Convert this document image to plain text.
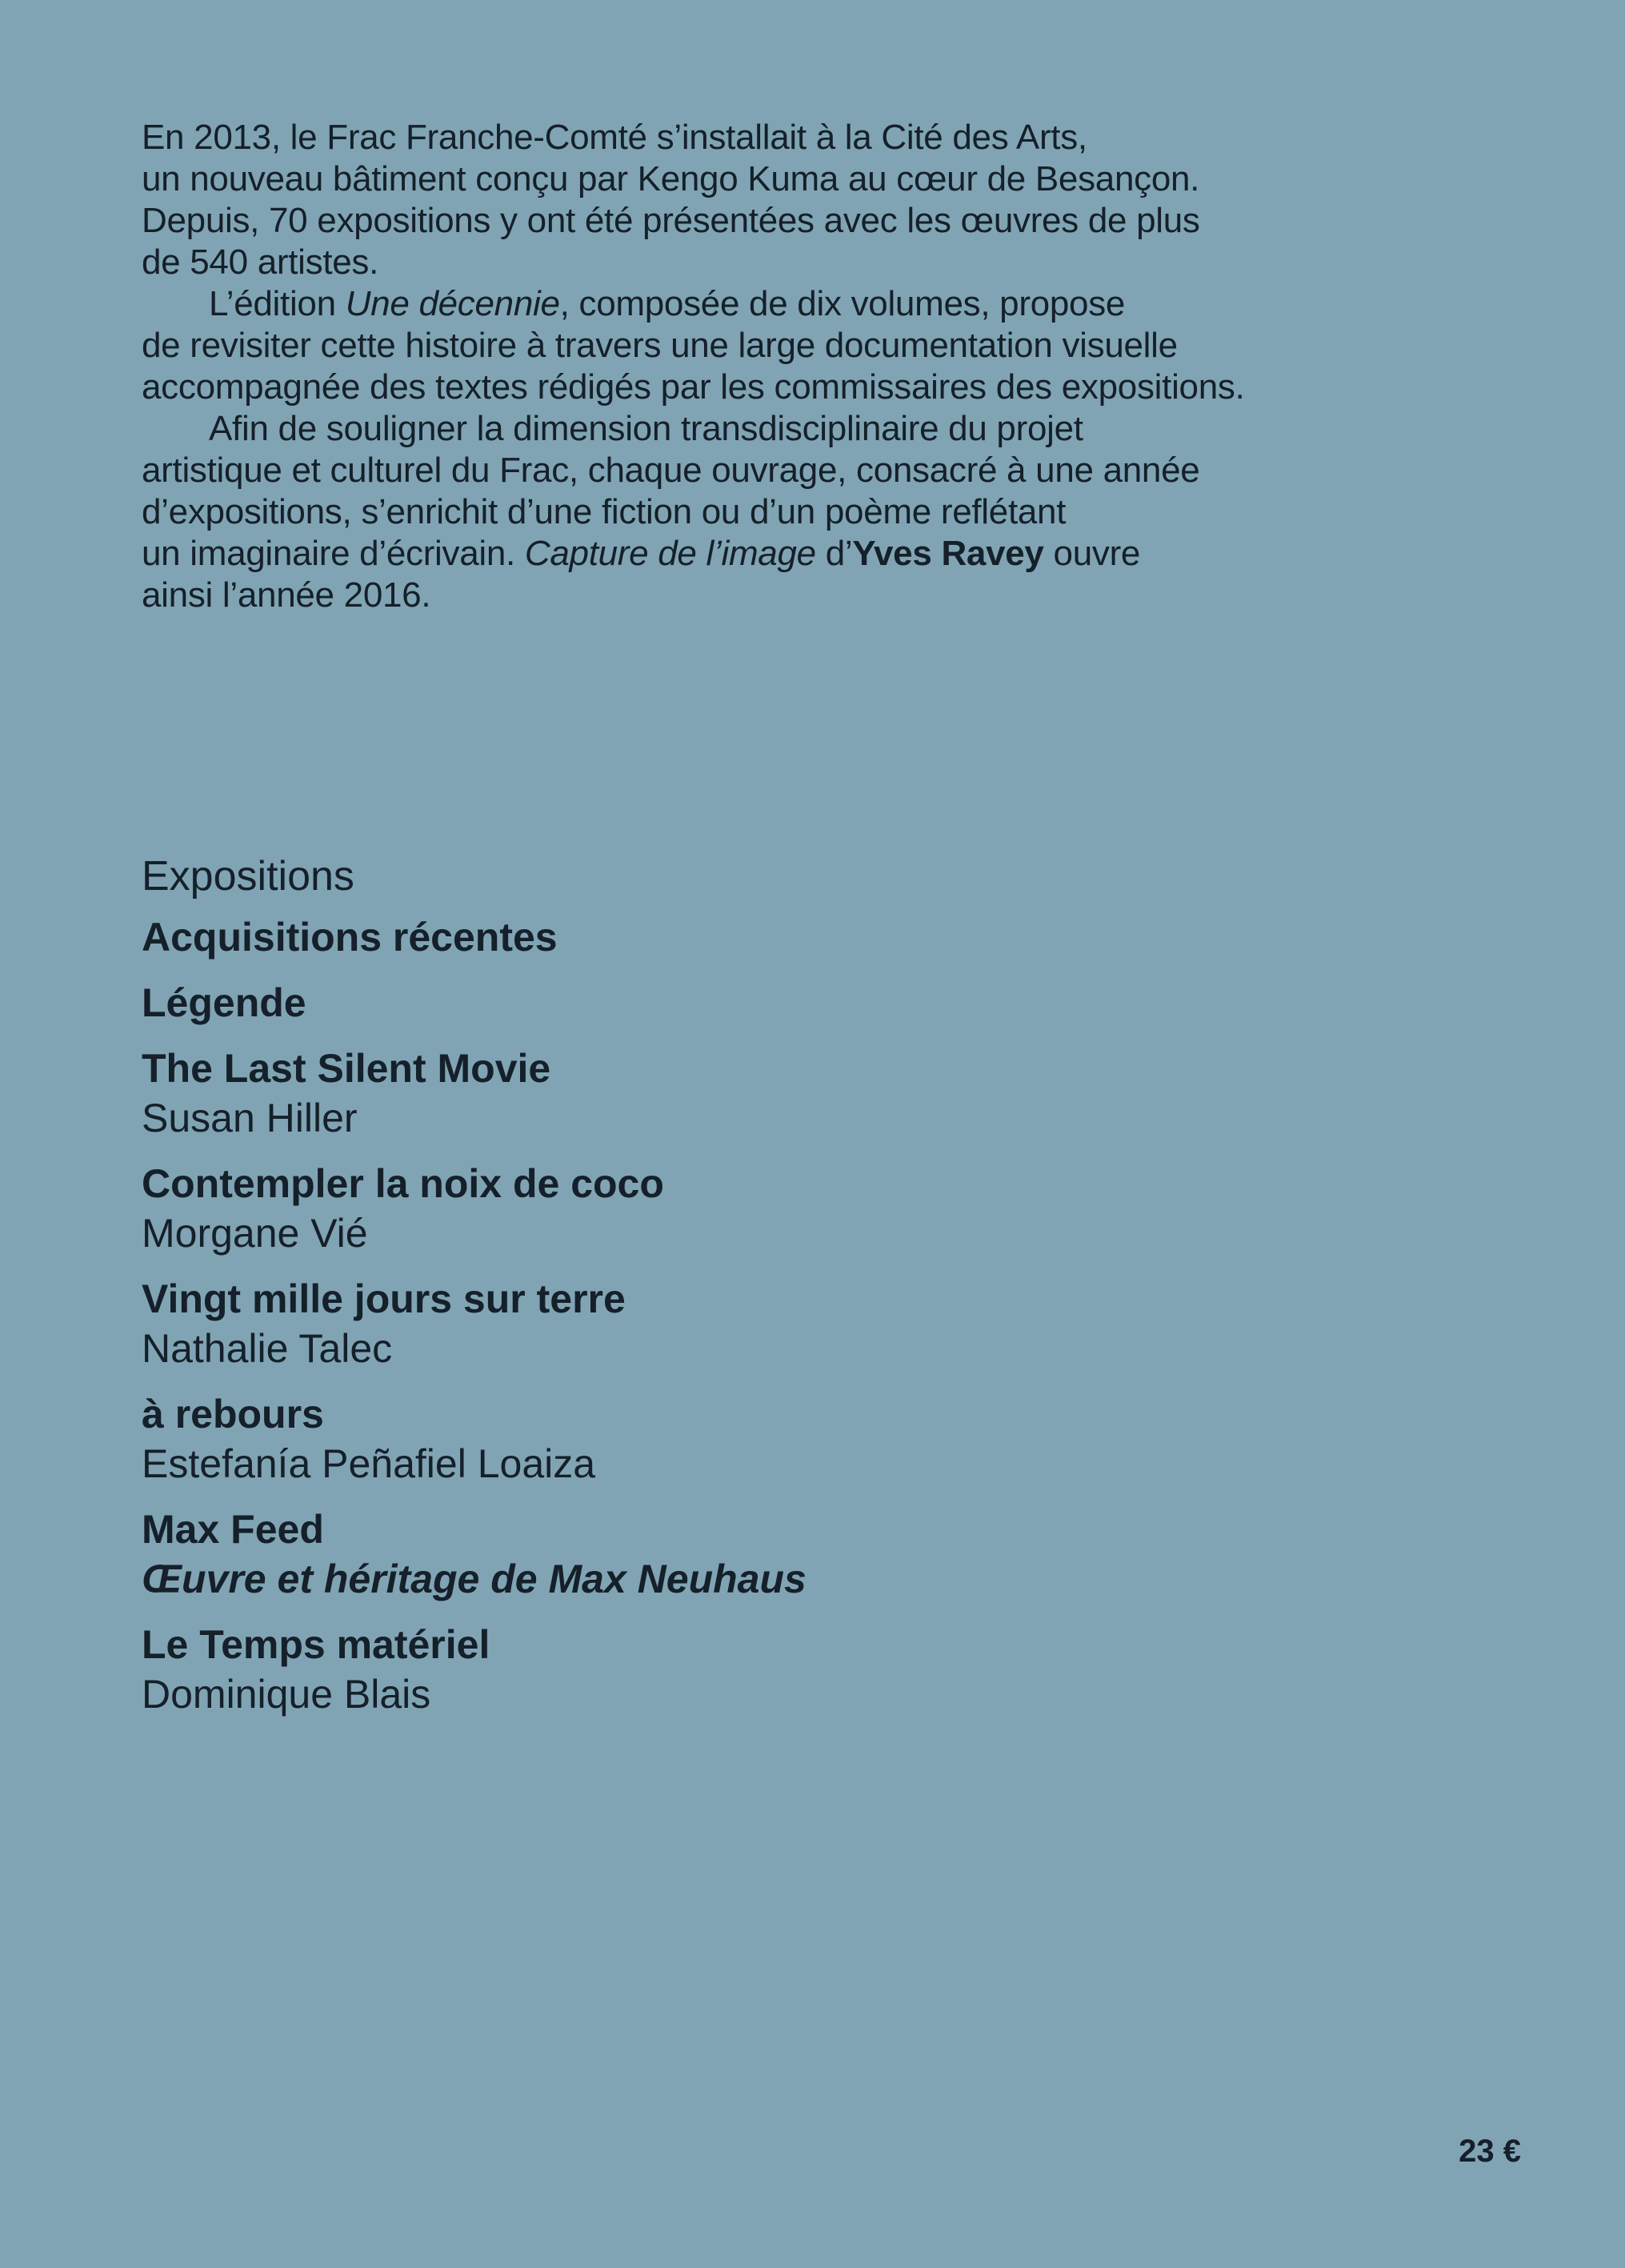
En 2013, le Frac Franche-Comté s’installait à la Cité des Arts,
un nouveau bâtiment conçu par Kengo Kuma au cœur de Besançon.
Depuis, 70 expositions y ont été présentées avec les œuvres de plus
de 540 artistes.

L’édition Une décennie, composée de dix volumes, propose
de revisiter cette histoire à travers une large documentation visuelle
accompagnée des textes rédigés par les commissaires des expositions.

Afin de souligner la dimension transdisciplinaire du projet
artistique et culturel du Frac, chaque ouvrage, consacré à une année
d’expositions, s’enrichit d’une fiction ou d’un poème reflétant
un imaginaire d’écrivain. Capture de l’image d’Yves Ravey ouvre
ainsi l’année 2016.

Expositions
Acquisitions récentes
Légende
The Last Silent Movie
Susan Hiller
Contempler la noix de coco
Morgane Vié
Vingt mille jours sur terre
Nathalie Talec
à rebours
Estefanía Peñafiel Loaiza
Max Feed
Œuvre et héritage de Max Neuhaus
Le Temps matériel
Dominique Blais
23 €
